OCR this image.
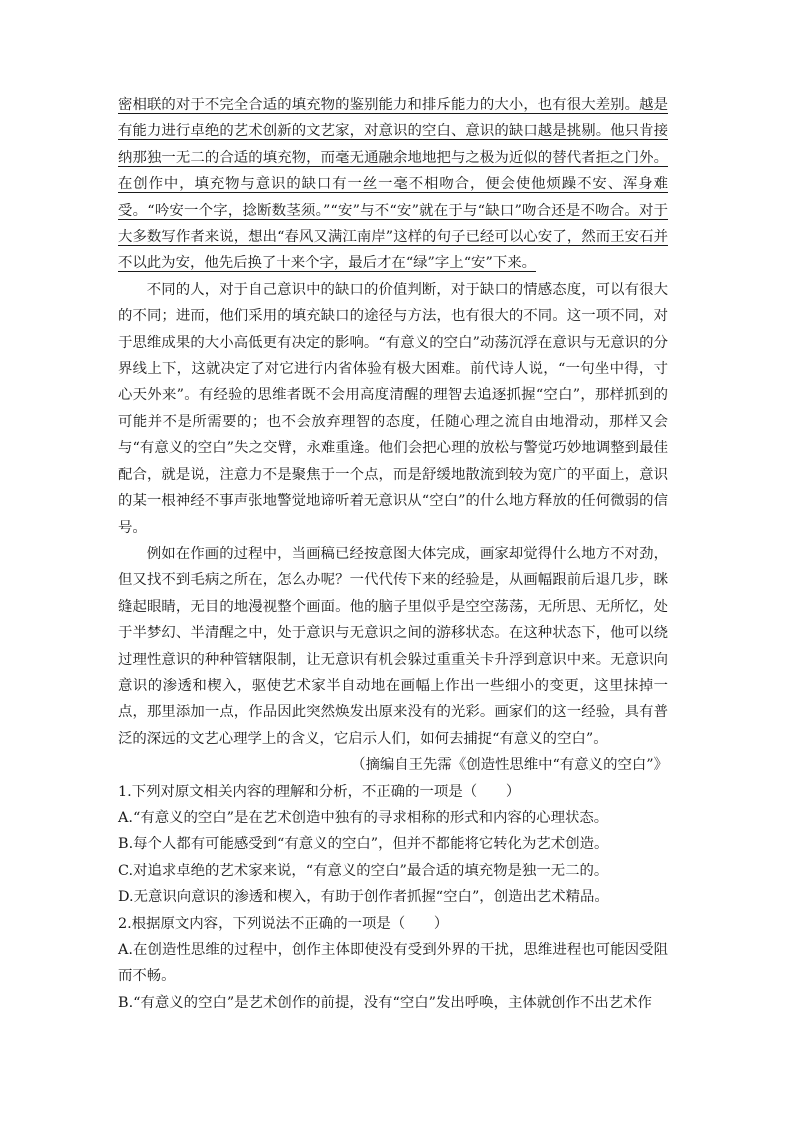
密相联的对于不完全合适的填充物的鉴别能力和排斥能力的大小，也有很大差别。越是有能力进行卓绝的艺术创新的文艺家，对意识的空白、意识的缺口越是挑剔。他只肯接纳那独一无二的合适的填充物，而毫无通融余地地把与之极为近似的替代者拒之门外。在创作中，填充物与意识的缺口有一丝一毫不相吻合，便会使他烦躁不安、浑身难受。“吟安一个字，捻断数茎须。”“安”与不“安”就在于与“缺口”吻合还是不吻合。对于大多数写作者来说，想出“春风又满江南岸”这样的句子已经可以心安了，然而王安石并不以此为安，他先后换了十来个字，最后才在“绿”字上“安”下来。

不同的人，对于自己意识中的缺口的价值判断，对于缺口的情感态度，可以有很大的不同；进而，他们采用的填充缺口的途径与方法，也有很大的不同。这一项不同，对于思维成果的大小高低更有决定的影响。“有意义的空白”动荡沉浮在意识与无意识的分界线上下，这就决定了对它进行内省体验有极大困难。前代诗人说，“一句坐中得，寸心天外来”。有经验的思维者既不会用高度清醒的理智去追逐抓握“空白”，那样抓到的可能并不是所需要的；也不会放弃理智的态度，任随心理之流自由地滑动，那样又会与“有意义的空白”失之交臂，永难重逢。他们会把心理的放松与警觉巧妙地调整到最佳配合，就是说，注意力不是聚焦于一个点，而是舒缓地散流到较为宽广的平面上，意识的某一根神经不事声张地警觉地谛听着无意识从“空白”的什么地方释放的任何微弱的信号。

例如在作画的过程中，当画稿已经按意图大体完成，画家却觉得什么地方不对劲，但又找不到毛病之所在，怎么办呢？一代代传下来的经验是，从画幅跟前后退几步，眯缝起眼睛，无目的地漫视整个画面。他的脑子里似乎是空空荡荡，无所思、无所忆，处于半梦幻、半清醒之中，处于意识与无意识之间的游移状态。在这种状态下，他可以绕过理性意识的种种管辖限制，让无意识有机会躲过重重关卡升浮到意识中来。无意识向意识的渗透和楔入，驱使艺术家半自动地在画幅上作出一些细小的变更，这里抹掉一点，那里添加一点，作品因此突然焕发出原来没有的光彩。画家们的这一经验，具有普泛的深远的文艺心理学上的含义，它启示人们，如何去捕捉“有意义的空白”。

（摘编自王先霈《创造性思维中“有意义的空白”》

1.下列对原文相关内容的理解和分析，不正确的一项是（　　）

A.“有意义的空白”是在艺术创造中独有的寻求相称的形式和内容的心理状态。

B.每个人都有可能感受到“有意义的空白”，但并不都能将它转化为艺术创造。

C.对追求卓绝的艺术家来说，“有意义的空白”最合适的填充物是独一无二的。

D.无意识向意识的渗透和楔入，有助于创作者抓握“空白”，创造出艺术精品。

2.根据原文内容，下列说法不正确的一项是（　　）

A.在创造性思维的过程中，创作主体即使没有受到外界的干扰，思维进程也可能因受阻而不畅。

B.“有意义的空白”是艺术创作的前提，没有“空白”发出呼唤，主体就创作不出艺术作
